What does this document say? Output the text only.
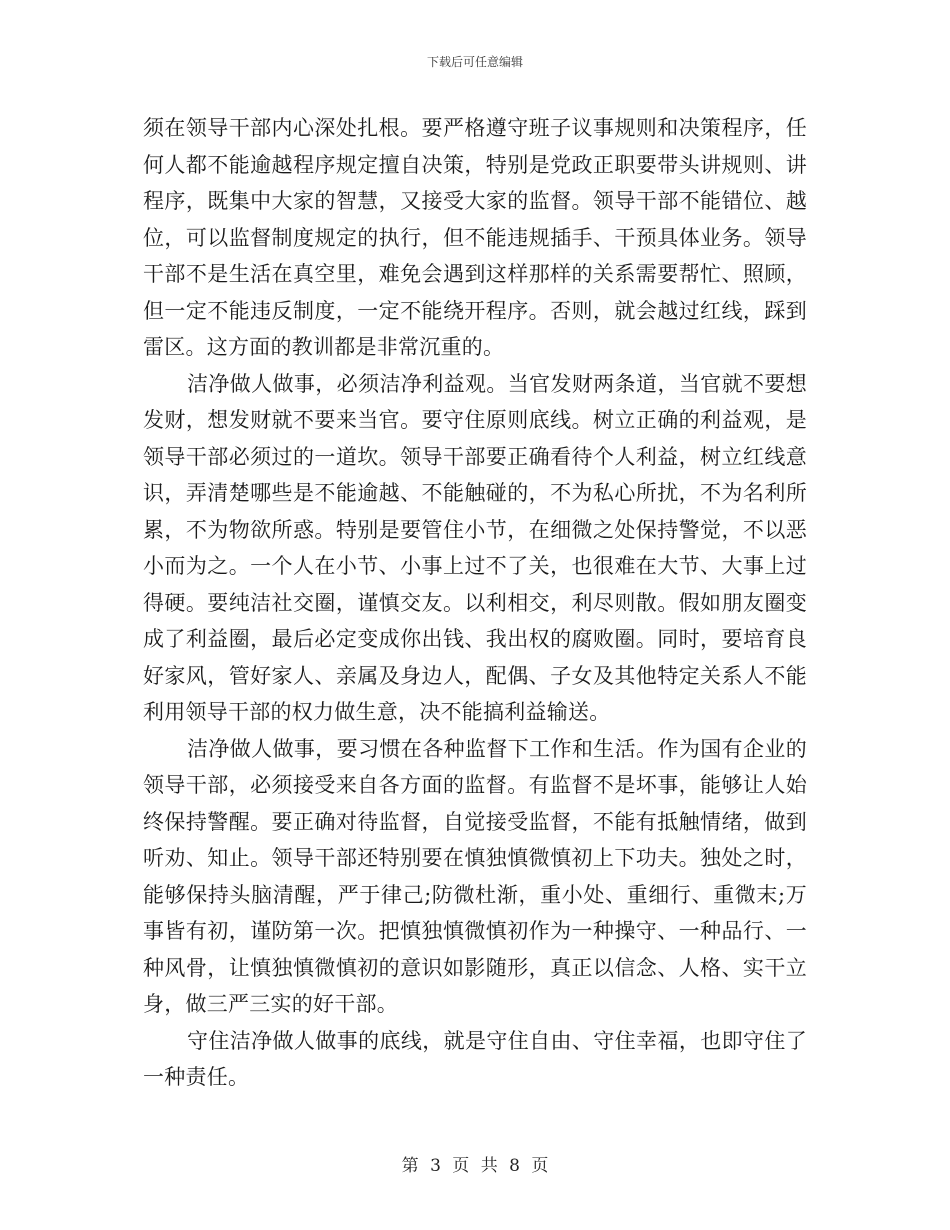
下载后可任意编辑

须在领导干部内心深处扎根。要严格遵守班子议事规则和决策程序，任何人都不能逾越程序规定擅自决策，特别是党政正职要带头讲规则、讲程序，既集中大家的智慧，又接受大家的监督。领导干部不能错位、越位，可以监督制度规定的执行，但不能违规插手、干预具体业务。领导干部不是生活在真空里，难免会遇到这样那样的关系需要帮忙、照顾，但一定不能违反制度，一定不能绕开程序。否则，就会越过红线，踩到雷区。这方面的教训都是非常沉重的。

洁净做人做事，必须洁净利益观。当官发财两条道，当官就不要想发财，想发财就不要来当官。要守住原则底线。树立正确的利益观，是领导干部必须过的一道坎。领导干部要正确看待个人利益，树立红线意识，弄清楚哪些是不能逾越、不能触碰的，不为私心所扰，不为名利所累，不为物欲所惑。特别是要管住小节，在细微之处保持警觉，不以恶小而为之。一个人在小节、小事上过不了关，也很难在大节、大事上过得硬。要纯洁社交圈，谨慎交友。以利相交，利尽则散。假如朋友圈变成了利益圈，最后必定变成你出钱、我出权的腐败圈。同时，要培育良好家风，管好家人、亲属及身边人，配偶、子女及其他特定关系人不能利用领导干部的权力做生意，决不能搞利益输送。

洁净做人做事，要习惯在各种监督下工作和生活。作为国有企业的领导干部，必须接受来自各方面的监督。有监督不是坏事，能够让人始终保持警醒。要正确对待监督，自觉接受监督，不能有抵触情绪，做到听劝、知止。领导干部还特别要在慎独慎微慎初上下功夫。独处之时，能够保持头脑清醒，严于律己;防微杜渐，重小处、重细行、重微末;万事皆有初，谨防第一次。把慎独慎微慎初作为一种操守、一种品行、一种风骨，让慎独慎微慎初的意识如影随形，真正以信念、人格、实干立身，做三严三实的好干部。

守住洁净做人做事的底线，就是守住自由、守住幸福，也即守住了一种责任。

第 3 页 共 8 页
